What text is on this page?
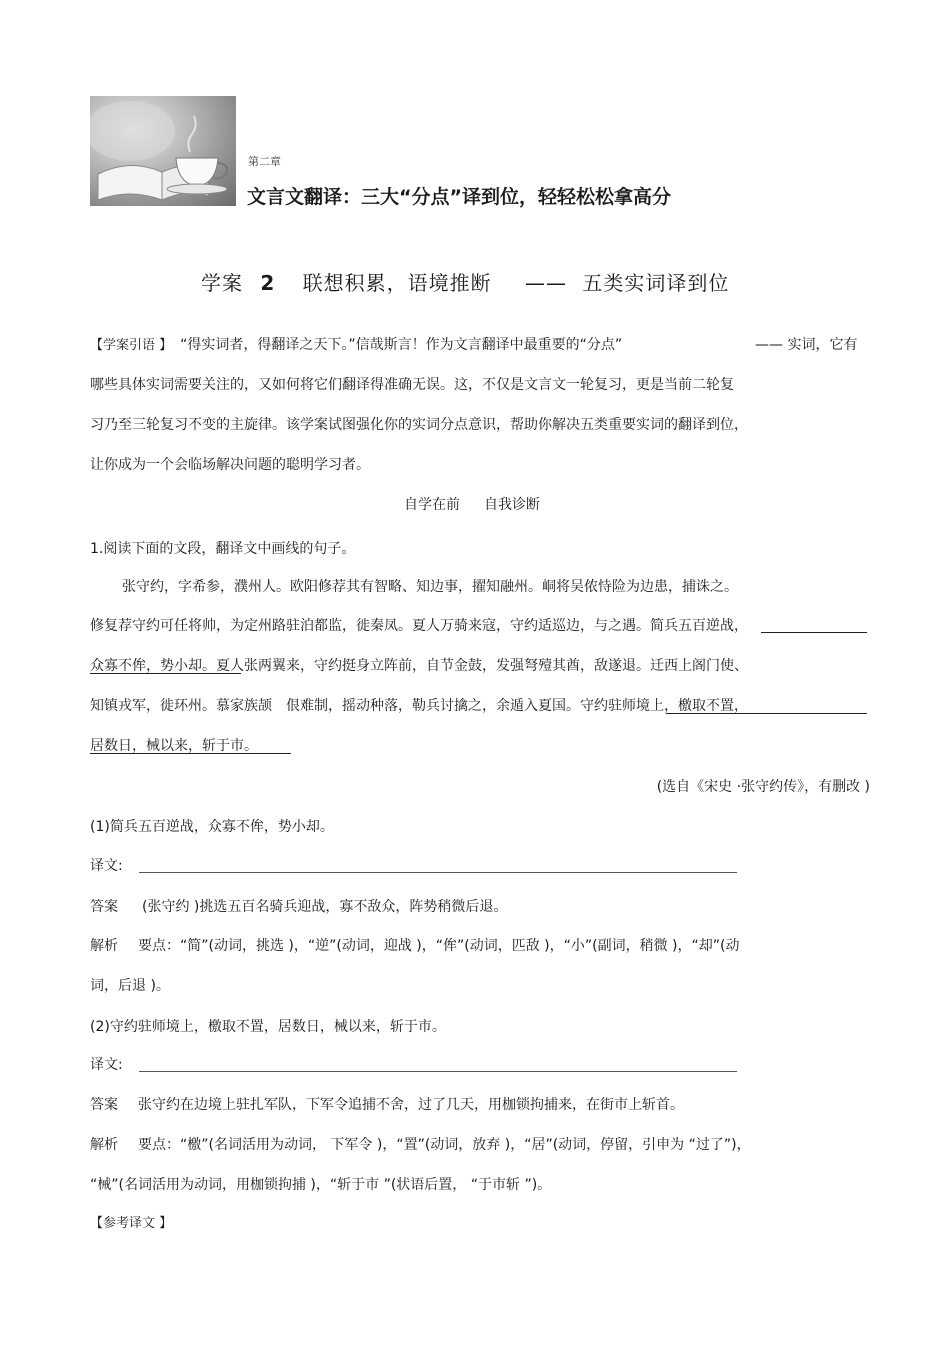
第二章
文言文翻译：三大“分点”译到位，轻轻松松拿高分
学案 2 联想积累，语境推断 —— 五类实词译到位
【学案引语 】 “得实词者，得翻译之天下。”信哉斯言！作为文言翻译中最重要的“分点”	—— 实词，它有
哪些具体实词需要关注的，又如何将它们翻译得准确无误。这，不仅是文言文一轮复习，更是当前二轮复
习乃至三轮复习不变的主旋律。该学案试图强化你的实词分点意识，帮助你解决五类重要实词的翻译到位，
让你成为一个会临场解决问题的聪明学习者。
自学在前 自我诊断
1.阅读下面的文段，翻译文中画线的句子。
张守约，字希参，濮州人。欧阳修荐其有智略、知边事，擢知融州。峒将吴侬恃险为边患，捕诛之。
修复荐守约可任将帅，为定州路驻泊都监，徙秦凤。夏人万骑来寇，守约适巡边，与之遇。简兵五百逆战，
众寡不侔，势小却。夏人张两翼来，守约挺身立阵前，自节金鼓，发强弩殪其酋，敌遂退。迁西上阁门使、
知镇戎军，徙环州。慕家族颉 佷难制，摇动种落，勒兵讨擒之，余遁入夏国。守约驻师境上，檄取不置，
居数日，械以来，斩于市。
(选自《宋史 ·张守约传》，有删改 )
(1)简兵五百逆战，众寡不侔，势小却。
译文:
答案 (张守约 )挑选五百名骑兵迎战，寡不敌众，阵势稍微后退。
解析 要点：“简”(动词，挑选 )，“逆”(动词，迎战 )，“侔”(动词，匹敌 )，“小”(副词，稍微 )，“却”(动
词，后退 )。
(2)守约驻师境上，檄取不置，居数日，械以来，斩于市。
译文:
答案 张守约在边境上驻扎军队，下军令追捕不舍，过了几天，用枷锁拘捕来，在街市上斩首。
解析 要点：“檄”(名词活用为动词， 下军令 )，“置”(动词，放弃 )，“居”(动词，停留，引申为 “过了”)，
“械”(名词活用为动词，用枷锁拘捕 )，“斩于市 ”(状语后置， “于市斩 ”)。
【参考译文 】
